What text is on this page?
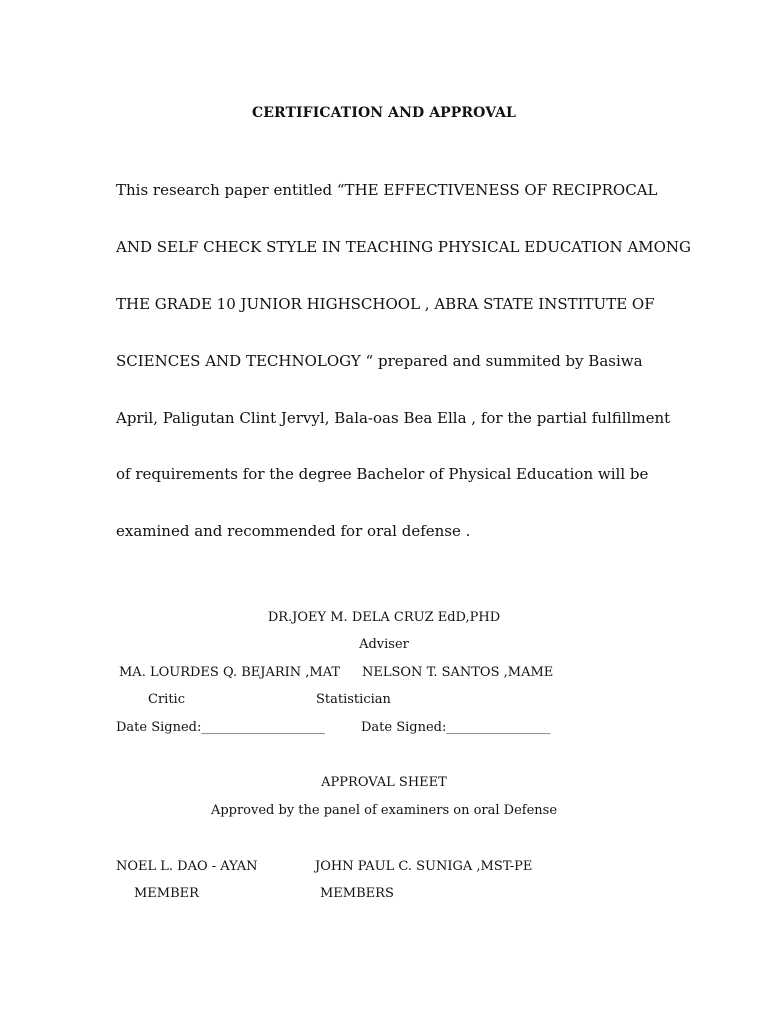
CERTIFICATION AND APPROVAL
This research paper entitled “THE EFFECTIVENESS OF RECIPROCAL
AND SELF CHECK STYLE IN TEACHING PHYSICAL EDUCATION AMONG
THE GRADE 10 JUNIOR HIGHSCHOOL , ABRA STATE INSTITUTE OF
SCIENCES AND TECHNOLOGY “ prepared and summited by Basiwa
April, Paligutan Clint Jervyl, Bala-oas Bea Ella , for the partial fulfillment
of requirements for the degree Bachelor of Physical Education will be
examined and recommended for oral defense .
DR.JOEY M. DELA CRUZ EdD,PHD
Adviser
MA. LOURDES Q. BEJARIN ,MAT NELSON T. SANTOS ,MAME
Critic	Statistician
Date Signed:___________________	Date Signed:________________
APPROVAL SHEET
Approved by the panel of examiners on oral Defense
NOEL L. DAO - AYAN	JOHN PAUL C. SUNIGA ,MST-PE
MEMBER	MEMBERS
